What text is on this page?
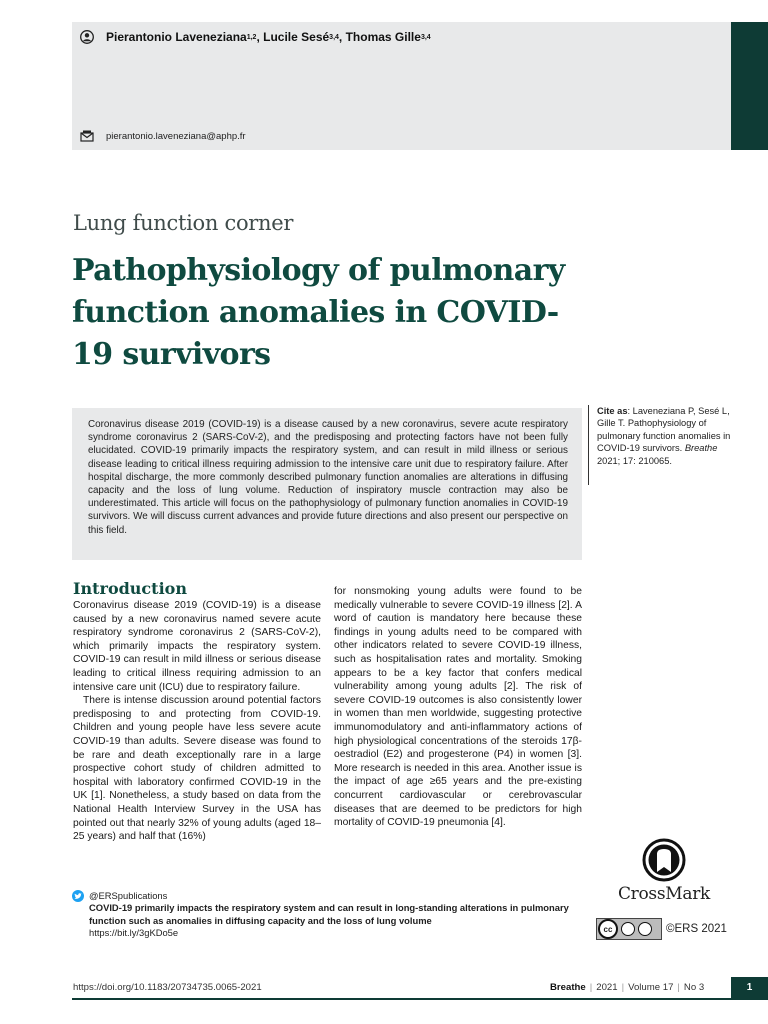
Pierantonio Laveneziana 1,2 , Lucile Sesé 3,4 , Thomas Gille 3,4
pierantonio.laveneziana@aphp.fr
Lung function corner
Pathophysiology of pulmonary function anomalies in COVID-19 survivors
Coronavirus disease 2019 (COVID-19) is a disease caused by a new coronavirus, severe acute respiratory syndrome coronavirus 2 (SARS-CoV-2), and the predisposing and protecting factors have not been fully elucidated. COVID-19 primarily impacts the respiratory system, and can result in mild illness or serious disease leading to critical illness requiring admission to the intensive care unit due to respiratory failure. After hospital discharge, the more commonly described pulmonary function anomalies are alterations in diffusing capacity and the loss of lung volume. Reduction of inspiratory muscle contraction may also be underestimated. This article will focus on the pathophysiology of pulmonary function anomalies in COVID-19 survivors. We will discuss current advances and provide future directions and also present our perspective on this field.
Cite as: Laveneziana P, Sesé L, Gille T. Pathophysiology of pulmonary function anomalies in COVID-19 survivors. Breathe 2021; 17: 210065.
Introduction

Coronavirus disease 2019 (COVID-19) is a disease caused by a new coronavirus named severe acute respiratory syndrome coronavirus 2 (SARS-CoV-2), which primarily impacts the respiratory system. COVID-19 can result in mild illness or serious disease leading to critical illness requiring admission to an intensive care unit (ICU) due to respiratory failure.

There is intense discussion around potential factors predisposing to and protecting from COVID-19. Children and young people have less severe acute COVID-19 than adults. Severe disease was found to be rare and death exceptionally rare in a large prospective cohort study of children admitted to hospital with laboratory confirmed COVID-19 in the UK [1]. Nonetheless, a study based on data from the National Health Interview Survey in the USA has pointed out that nearly 32% of young adults (aged 18–25 years) and half that (16%)

for nonsmoking young adults were found to be medically vulnerable to severe COVID-19 illness [2]. A word of caution is mandatory here because these findings in young adults need to be compared with other indicators related to severe COVID-19 illness, such as hospitalisation rates and mortality. Smoking appears to be a key factor that confers medical vulnerability among young adults [2]. The risk of severe COVID-19 outcomes is also consistently lower in women than men worldwide, suggesting protective immunomodulatory and anti-inflammatory actions of high physiological concentrations of the steroids 17β-oestradiol (E2) and progesterone (P4) in women [3]. More research is needed in this area. Another issue is the impact of age ≥65 years and the pre-existing concurrent cardiovascular or cerebrovascular diseases that are deemed to be predictors for high mortality of COVID-19 pneumonia [4].

CrossMark
@ERSpublications
COVID-19 primarily impacts the respiratory system and can result in long-standing alterations in pulmonary function such as anomalies in diffusing capacity and the loss of lung volume
https://bit.ly/3gKDo5e	cc	©ERS 2021
https://doi.org/10.1183/20734735.0065-2021	Breathe | 2021 | Volume 17 | No 3	1
